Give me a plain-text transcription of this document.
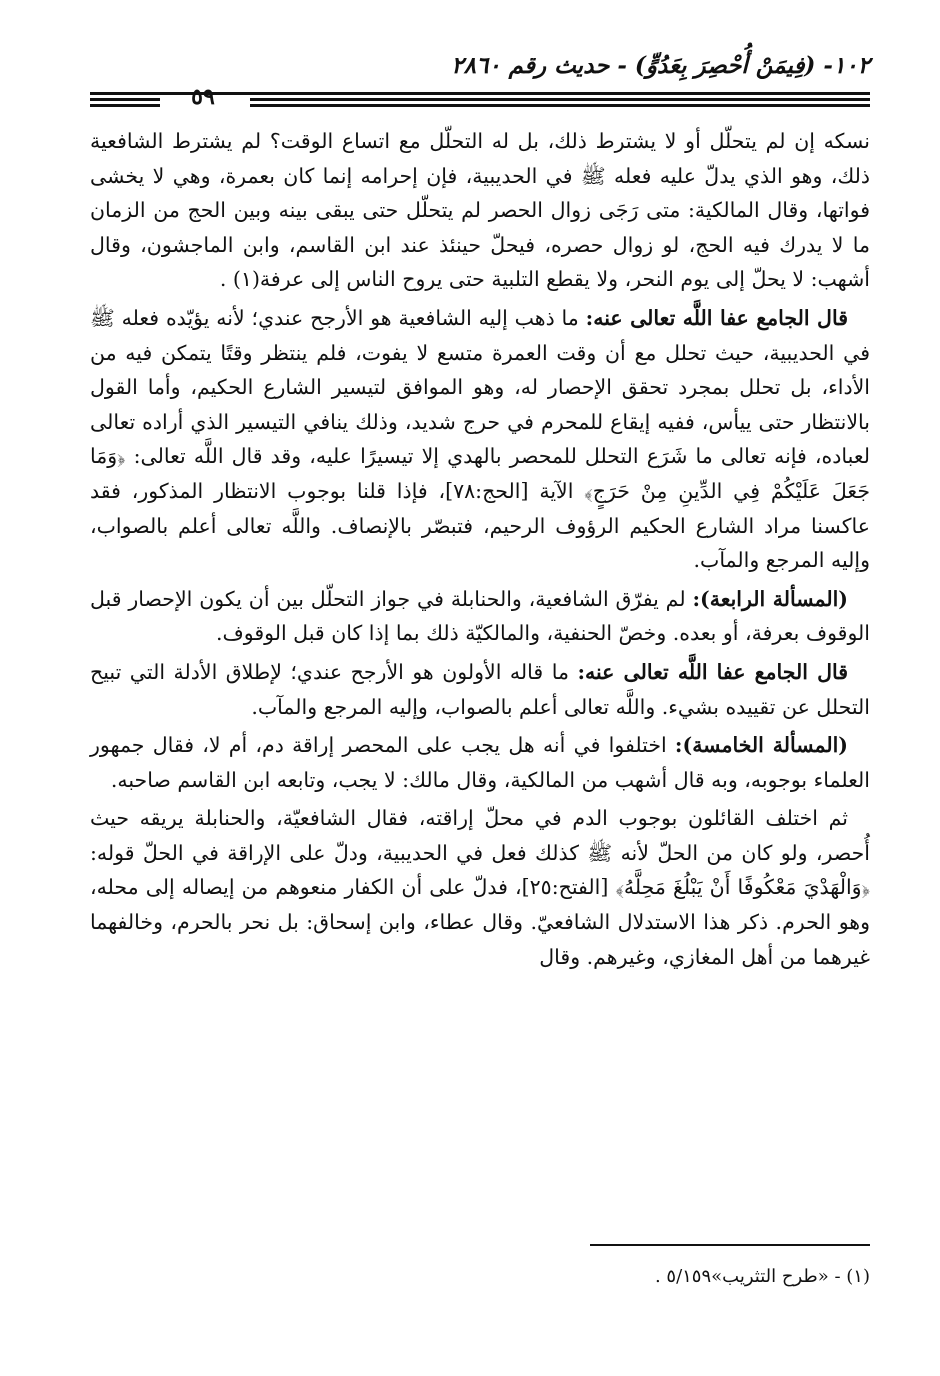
١٠٢- (فِيمَنْ أُحْصِرَ بِعَدُوٍّ) - حديث رقم ٢٨٦٠
٥٩

نسكه إن لم يتحلّل أو لا يشترط ذلك، بل له التحلّل مع اتساع الوقت؟ لم يشترط الشافعية ذلك، وهو الذي يدلّ عليه فعله ﷺ في الحديبية، فإن إحرامه إنما كان بعمرة، وهي لا يخشى فواتها، وقال المالكية: متى رَجَى زوال الحصر لم يتحلّل حتى يبقى بينه وبين الحج من الزمان ما لا يدرك فيه الحج، لو زوال حصره، فيحلّ حينئذ عند ابن القاسم، وابن الماجشون، وقال أشهب: لا يحلّ إلى يوم النحر، ولا يقطع التلبية حتى يروح الناس إلى عرفة(١) .

قال الجامع عفا اللَّه تعالى عنه: ما ذهب إليه الشافعية هو الأرجح عندي؛ لأنه يؤيّده فعله ﷺ في الحديبية، حيث تحلل مع أن وقت العمرة متسع لا يفوت، فلم ينتظر وقتًا يتمكن فيه من الأداء، بل تحلل بمجرد تحقق الإحصار له، وهو الموافق لتيسير الشارع الحكيم، وأما القول بالانتظار حتى ييأس، ففيه إيقاع للمحرم في حرج شديد، وذلك ينافي التيسير الذي أراده تعالى لعباده، فإنه تعالى ما شَرَع التحلل للمحصر بالهدي إلا تيسيرًا عليه، وقد قال اللَّه تعالى: ﴿وَمَا جَعَلَ عَلَيْكُمْ فِي الدِّينِ مِنْ حَرَجٍ﴾ الآية [الحج:٧٨]، فإذا قلنا بوجوب الانتظار المذكور، فقد عاكسنا مراد الشارع الحكيم الرؤوف الرحيم، فتبصّر بالإنصاف. واللَّه تعالى أعلم بالصواب، وإليه المرجع والمآب.

(المسألة الرابعة): لم يفرّق الشافعية، والحنابلة في جواز التحلّل بين أن يكون الإحصار قبل الوقوف بعرفة، أو بعده. وخصّ الحنفية، والمالكيّة ذلك بما إذا كان قبل الوقوف.

قال الجامع عفا اللَّه تعالى عنه: ما قاله الأولون هو الأرجح عندي؛ لإطلاق الأدلة التي تبيح التحلل عن تقييده بشيء. واللَّه تعالى أعلم بالصواب، وإليه المرجع والمآب.

(المسألة الخامسة): اختلفوا في أنه هل يجب على المحصر إراقة دم، أم لا، فقال جمهور العلماء بوجوبه، وبه قال أشهب من المالكية، وقال مالك: لا يجب، وتابعه ابن القاسم صاحبه.

ثم اختلف القائلون بوجوب الدم في محلّ إراقته، فقال الشافعيّة، والحنابلة يريقه حيث أُحصر، ولو كان من الحلّ لأنه ﷺ كذلك فعل في الحديبية، ودلّ على الإراقة في الحلّ قوله: ﴿وَالْهَدْيَ مَعْكُوفًا أَنْ يَبْلُغَ مَحِلَّهُ﴾ [الفتح:٢٥]، فدلّ على أن الكفار منعوهم من إيصاله إلى محله، وهو الحرم. ذكر هذا الاستدلال الشافعيّ. وقال عطاء، وابن إسحاق: بل نحر بالحرم، وخالفهما غيرهما من أهل المغازي، وغيرهم. وقال

(١) - «طرح التثريب»٥/١٥٩ .
